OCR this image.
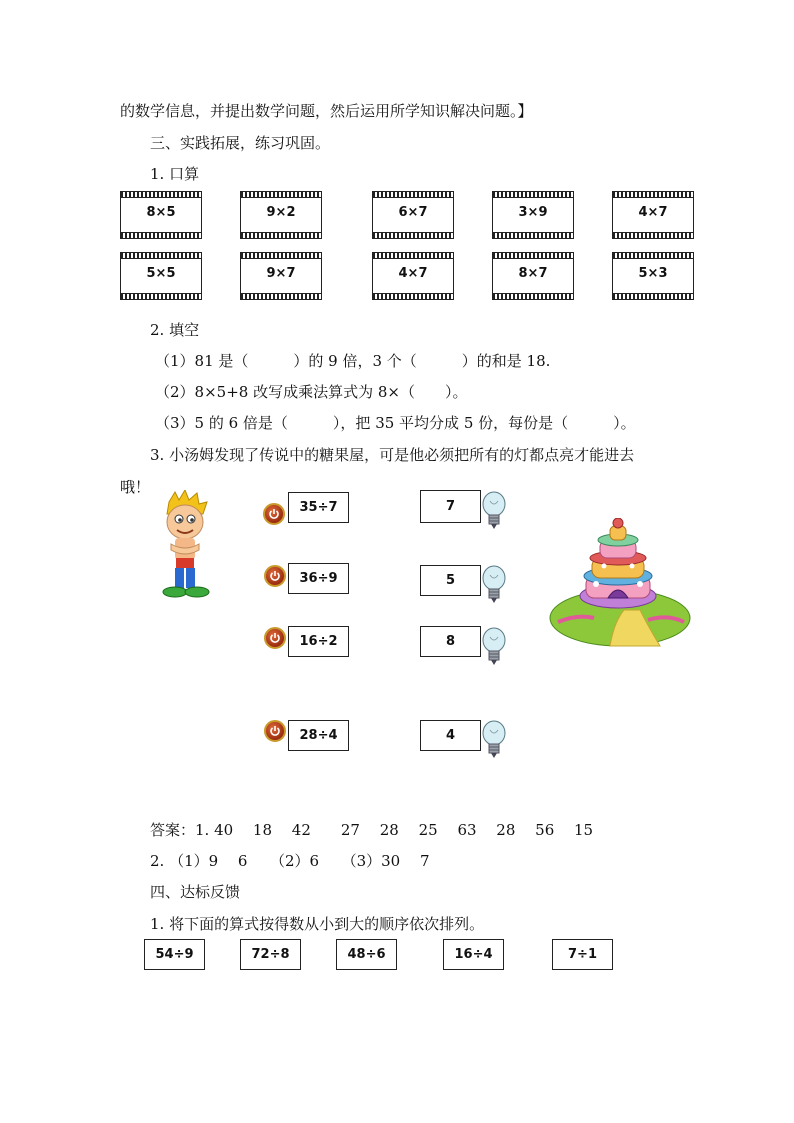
的数学信息，并提出数学问题，然后运用所学知识解决问题。】
三、实践拓展，练习巩固。
1. 口算
8×5	9×2	6×7	3×9	4×7
5×5	9×7	4×7	8×7	5×3
2. 填空
（1）81 是（　　　）的 9 倍，3 个（　　　）的和是 18.
（2）8×5+8 改写成乘法算式为 8×（　　）。
（3）5 的 6 倍是（　　　），把 35 平均分成 5 份，每份是（　　　）。
3. 小汤姆发现了传说中的糖果屋，可是他必须把所有的灯都点亮才能进去
哦！
35÷7
36÷9
16÷2
28÷4
7
5
8
4
答案：1. 40　 18　 42　　27　 28　 25　 63　 28　 56　 15
2. （1）9　 6　　（2）6　　（3）30　 7
四、达标反馈
1. 将下面的算式按得数从小到大的顺序依次排列。
54÷9	72÷8	48÷6	16÷4	7÷1
